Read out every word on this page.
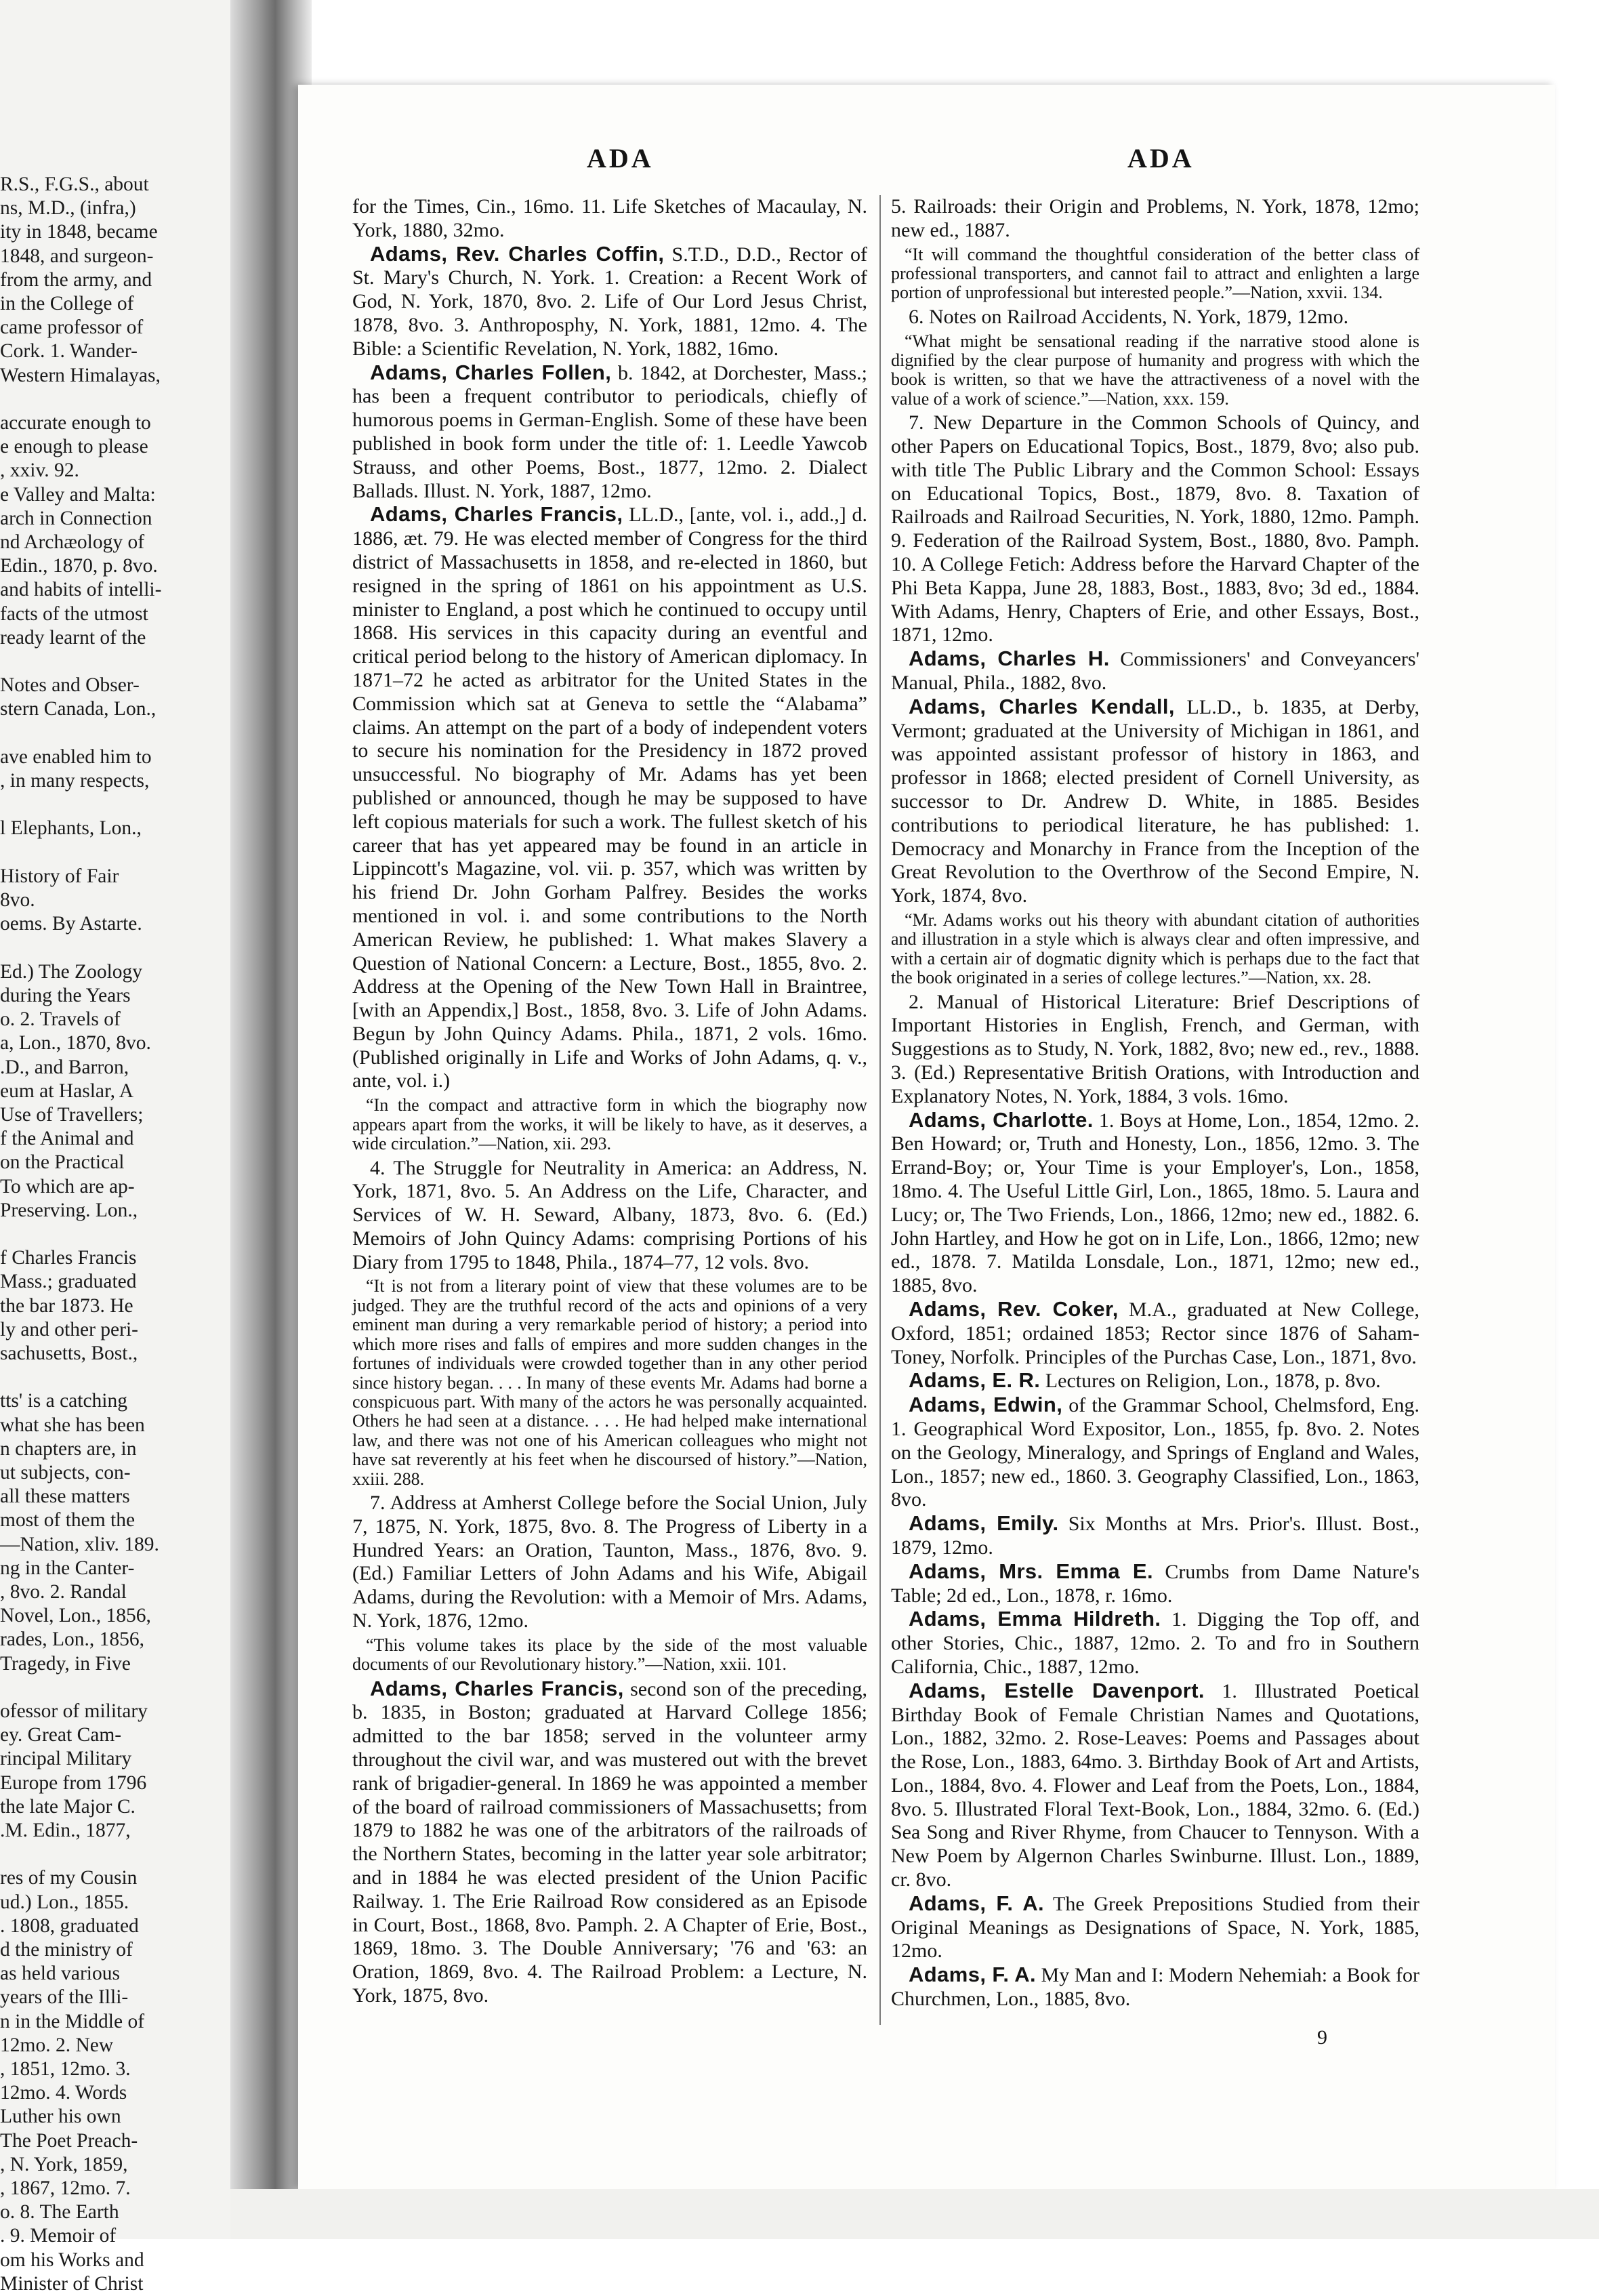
R.S., F.G.S., about
ns, M.D., (infra,)
ity in 1848, became
1848, and surgeon-
from the army, and
in the College of
came professor of
Cork. 1. Wander-
Western Himalayas,

accurate enough to
e enough to please
, xxiv. 92.
e Valley and Malta:
arch in Connection
nd Archæology of
Edin., 1870, p. 8vo.
and habits of intelli-
facts of the utmost
ready learnt of the

Notes and Obser-
stern Canada, Lon.,

ave enabled him to
, in many respects,

l Elephants, Lon.,

History of Fair
8vo.
oems. By Astarte.

Ed.) The Zoology
during the Years
o. 2. Travels of
a, Lon., 1870, 8vo.
.D., and Barron,
eum at Haslar, A
Use of Travellers;
f the Animal and
on the Practical
To which are ap-
Preserving. Lon.,

f Charles Francis
Mass.; graduated
the bar 1873. He
ly and other peri-
sachusetts, Bost.,

tts' is a catching
what she has been
n chapters are, in
ut subjects, con-
all these matters
most of them the
—Nation, xliv. 189.
ng in the Canter-
, 8vo. 2. Randal
Novel, Lon., 1856,
rades, Lon., 1856,
Tragedy, in Five

ofessor of military
ey. Great Cam-
rincipal Military
Europe from 1796
the late Major C.
.M. Edin., 1877,

res of my Cousin
ud.) Lon., 1855.
. 1808, graduated
d the ministry of
as held various
years of the Illi-
n in the Middle of
12mo. 2. New
, 1851, 12mo. 3.
12mo. 4. Words
Luther his own
The Poet Preach-
, N. York, 1859,
, 1867, 12mo. 7.
o. 8. The Earth
. 9. Memoir of
om his Works and
Minister of Christ
ADA	ADA

for the Times, Cin., 16mo. 11. Life Sketches of Macaulay, N. York, 1880, 32mo.

Adams, Rev. Charles Coffin, S.T.D., D.D., Rector of St. Mary's Church, N. York. 1. Creation: a Recent Work of God, N. York, 1870, 8vo. 2. Life of Our Lord Jesus Christ, 1878, 8vo. 3. Anthroposphy, N. York, 1881, 12mo. 4. The Bible: a Scientific Revelation, N. York, 1882, 16mo.

Adams, Charles Follen, b. 1842, at Dorchester, Mass.; has been a frequent contributor to periodicals, chiefly of humorous poems in German-English. Some of these have been published in book form under the title of: 1. Leedle Yawcob Strauss, and other Poems, Bost., 1877, 12mo. 2. Dialect Ballads. Illust. N. York, 1887, 12mo.

Adams, Charles Francis, LL.D., [ante, vol. i., add.,] d. 1886, æt. 79. He was elected member of Congress for the third district of Massachusetts in 1858, and re-elected in 1860, but resigned in the spring of 1861 on his appointment as U.S. minister to England, a post which he continued to occupy until 1868. His services in this capacity during an eventful and critical period belong to the history of American diplomacy. In 1871–72 he acted as arbitrator for the United States in the Commission which sat at Geneva to settle the “Alabama” claims. An attempt on the part of a body of independent voters to secure his nomination for the Presidency in 1872 proved unsuccessful. No biography of Mr. Adams has yet been published or announced, though he may be supposed to have left copious materials for such a work. The fullest sketch of his career that has yet appeared may be found in an article in Lippincott's Magazine, vol. vii. p. 357, which was written by his friend Dr. John Gorham Palfrey. Besides the works mentioned in vol. i. and some contributions to the North American Review, he published: 1. What makes Slavery a Question of National Concern: a Lecture, Bost., 1855, 8vo. 2. Address at the Opening of the New Town Hall in Braintree, [with an Appendix,] Bost., 1858, 8vo. 3. Life of John Adams. Begun by John Quincy Adams. Phila., 1871, 2 vols. 16mo. (Published originally in Life and Works of John Adams, q. v., ante, vol. i.)

“In the compact and attractive form in which the biography now appears apart from the works, it will be likely to have, as it deserves, a wide circulation.”—Nation, xii. 293.

4. The Struggle for Neutrality in America: an Address, N. York, 1871, 8vo. 5. An Address on the Life, Character, and Services of W. H. Seward, Albany, 1873, 8vo. 6. (Ed.) Memoirs of John Quincy Adams: comprising Portions of his Diary from 1795 to 1848, Phila., 1874–77, 12 vols. 8vo.

“It is not from a literary point of view that these volumes are to be judged. They are the truthful record of the acts and opinions of a very eminent man during a very remarkable period of history; a period into which more rises and falls of empires and more sudden changes in the fortunes of individuals were crowded together than in any other period since history began. . . . In many of these events Mr. Adams had borne a conspicuous part. With many of the actors he was personally acquainted. Others he had seen at a distance. . . . He had helped make international law, and there was not one of his American colleagues who might not have sat reverently at his feet when he discoursed of history.”—Nation, xxiii. 288.

7. Address at Amherst College before the Social Union, July 7, 1875, N. York, 1875, 8vo. 8. The Progress of Liberty in a Hundred Years: an Oration, Taunton, Mass., 1876, 8vo. 9. (Ed.) Familiar Letters of John Adams and his Wife, Abigail Adams, during the Revolution: with a Memoir of Mrs. Adams, N. York, 1876, 12mo.

“This volume takes its place by the side of the most valuable documents of our Revolutionary history.”—Nation, xxii. 101.

Adams, Charles Francis, second son of the preceding, b. 1835, in Boston; graduated at Harvard College 1856; admitted to the bar 1858; served in the volunteer army throughout the civil war, and was mustered out with the brevet rank of brigadier-general. In 1869 he was appointed a member of the board of railroad commissioners of Massachusetts; from 1879 to 1882 he was one of the arbitrators of the railroads of the Northern States, becoming in the latter year sole arbitrator; and in 1884 he was elected president of the Union Pacific Railway. 1. The Erie Railroad Row considered as an Episode in Court, Bost., 1868, 8vo. Pamph. 2. A Chapter of Erie, Bost., 1869, 18mo. 3. The Double Anniversary; '76 and '63: an Oration, 1869, 8vo. 4. The Railroad Problem: a Lecture, N. York, 1875, 8vo.

5. Railroads: their Origin and Problems, N. York, 1878, 12mo; new ed., 1887.

“It will command the thoughtful consideration of the better class of professional transporters, and cannot fail to attract and enlighten a large portion of unprofessional but interested people.”—Nation, xxvii. 134.

6. Notes on Railroad Accidents, N. York, 1879, 12mo.

“What might be sensational reading if the narrative stood alone is dignified by the clear purpose of humanity and progress with which the book is written, so that we have the attractiveness of a novel with the value of a work of science.”—Nation, xxx. 159.

7. New Departure in the Common Schools of Quincy, and other Papers on Educational Topics, Bost., 1879, 8vo; also pub. with title The Public Library and the Common School: Essays on Educational Topics, Bost., 1879, 8vo. 8. Taxation of Railroads and Railroad Securities, N. York, 1880, 12mo. Pamph. 9. Federation of the Railroad System, Bost., 1880, 8vo. Pamph. 10. A College Fetich: Address before the Harvard Chapter of the Phi Beta Kappa, June 28, 1883, Bost., 1883, 8vo; 3d ed., 1884. With Adams, Henry, Chapters of Erie, and other Essays, Bost., 1871, 12mo.

Adams, Charles H. Commissioners' and Conveyancers' Manual, Phila., 1882, 8vo.

Adams, Charles Kendall, LL.D., b. 1835, at Derby, Vermont; graduated at the University of Michigan in 1861, and was appointed assistant professor of history in 1863, and professor in 1868; elected president of Cornell University, as successor to Dr. Andrew D. White, in 1885. Besides contributions to periodical literature, he has published: 1. Democracy and Monarchy in France from the Inception of the Great Revolution to the Overthrow of the Second Empire, N. York, 1874, 8vo.

“Mr. Adams works out his theory with abundant citation of authorities and illustration in a style which is always clear and often impressive, and with a certain air of dogmatic dignity which is perhaps due to the fact that the book originated in a series of college lectures.”—Nation, xx. 28.

2. Manual of Historical Literature: Brief Descriptions of Important Histories in English, French, and German, with Suggestions as to Study, N. York, 1882, 8vo; new ed., rev., 1888. 3. (Ed.) Representative British Orations, with Introduction and Explanatory Notes, N. York, 1884, 3 vols. 16mo.

Adams, Charlotte. 1. Boys at Home, Lon., 1854, 12mo. 2. Ben Howard; or, Truth and Honesty, Lon., 1856, 12mo. 3. The Errand-Boy; or, Your Time is your Employer's, Lon., 1858, 18mo. 4. The Useful Little Girl, Lon., 1865, 18mo. 5. Laura and Lucy; or, The Two Friends, Lon., 1866, 12mo; new ed., 1882. 6. John Hartley, and How he got on in Life, Lon., 1866, 12mo; new ed., 1878. 7. Matilda Lonsdale, Lon., 1871, 12mo; new ed., 1885, 8vo.

Adams, Rev. Coker, M.A., graduated at New College, Oxford, 1851; ordained 1853; Rector since 1876 of Saham-Toney, Norfolk. Principles of the Purchas Case, Lon., 1871, 8vo.

Adams, E. R. Lectures on Religion, Lon., 1878, p. 8vo.

Adams, Edwin, of the Grammar School, Chelmsford, Eng. 1. Geographical Word Expositor, Lon., 1855, fp. 8vo. 2. Notes on the Geology, Mineralogy, and Springs of England and Wales, Lon., 1857; new ed., 1860. 3. Geography Classified, Lon., 1863, 8vo.

Adams, Emily. Six Months at Mrs. Prior's. Illust. Bost., 1879, 12mo.

Adams, Mrs. Emma E. Crumbs from Dame Nature's Table; 2d ed., Lon., 1878, r. 16mo.

Adams, Emma Hildreth. 1. Digging the Top off, and other Stories, Chic., 1887, 12mo. 2. To and fro in Southern California, Chic., 1887, 12mo.

Adams, Estelle Davenport. 1. Illustrated Poetical Birthday Book of Female Christian Names and Quotations, Lon., 1882, 32mo. 2. Rose-Leaves: Poems and Passages about the Rose, Lon., 1883, 64mo. 3. Birthday Book of Art and Artists, Lon., 1884, 8vo. 4. Flower and Leaf from the Poets, Lon., 1884, 8vo. 5. Illustrated Floral Text-Book, Lon., 1884, 32mo. 6. (Ed.) Sea Song and River Rhyme, from Chaucer to Tennyson. With a New Poem by Algernon Charles Swinburne. Illust. Lon., 1889, cr. 8vo.

Adams, F. A. The Greek Prepositions Studied from their Original Meanings as Designations of Space, N. York, 1885, 12mo.

Adams, F. A. My Man and I: Modern Nehemiah: a Book for Churchmen, Lon., 1885, 8vo.

9
